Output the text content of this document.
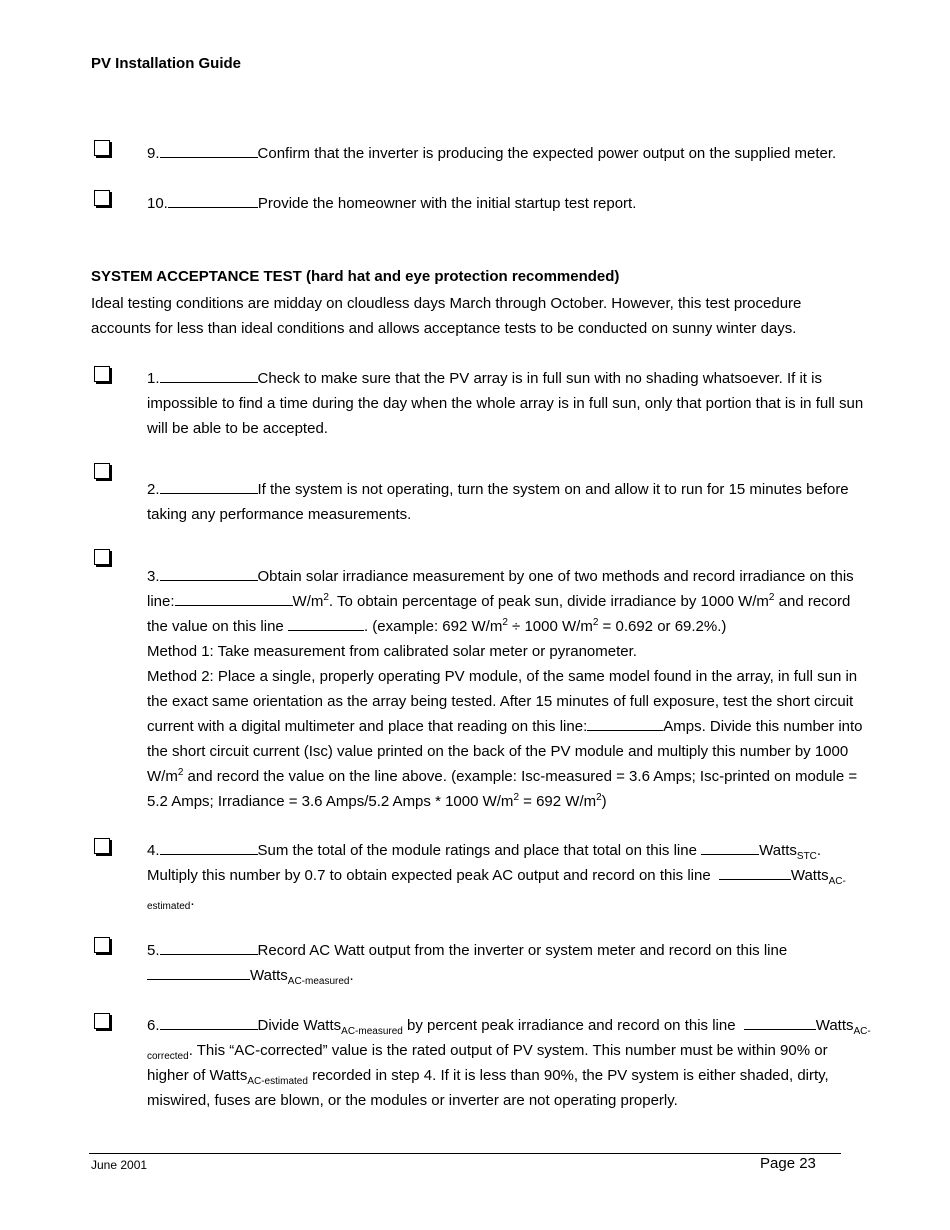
PV Installation Guide
9.	Confirm that the inverter is producing the expected power output on the supplied meter.
10.	Provide the homeowner with the initial startup test report.
SYSTEM ACCEPTANCE TEST (hard hat and eye protection recommended)
Ideal testing conditions are midday on cloudless days March through October. However, this test procedure accounts for less than ideal conditions and allows acceptance tests to be conducted on sunny winter days.
1.	Check to make sure that the PV array is in full sun with no shading whatsoever. If it is impossible to find a time during the day when the whole array is in full sun, only that portion that is in full sun will be able to be accepted.
2.	If the system is not operating, turn the system on and allow it to run for 15 minutes before taking any performance measurements.
3.	Obtain solar irradiance measurement by one of two methods and record irradiance on this line:	$W/m^2$. To obtain percentage of peak sun, divide irradiance by 1000 $W/m^2$ and record the value on this line	. (example: 692 $W/m^2 \div 1000$ $W/m^2 = 0.692$ or 69.2%.)
Method 1: Take measurement from calibrated solar meter or pyranometer.
Method 2: Place a single, properly operating PV module, of the same model found in the array, in full sun in the exact same orientation as the array being tested. After 15 minutes of full exposure, test the short circuit current with a digital multimeter and place that reading on this line:	Amps. Divide this number into the short circuit current (Isc) value printed on the back of the PV module and multiply this number by 1000 $W/m^2$ and record the value on the line above. (example: Isc-measured = 3.6 Amps; Isc-printed on module = 5.2 Amps; Irradiance = 3.6 Amps/5.2 Amps * 1000 $W/m^2 = 692$ $W/m^2$)
4.	Sum the total of the module ratings and place that total on this line	Watts$_{STC}$. Multiply this number by 0.7 to obtain expected peak AC output and record on this line	Watts$_{AC-estimated}$.
5.	Record AC Watt output from the inverter or system meter and record on this line Watts$_{AC-measured}$.
6.	Divide Watts$_{AC-measured}$ by percent peak irradiance and record on this line	Watts$_{AC-corrected}$. This “AC-corrected” value is the rated output of PV system. This number must be within 90% or higher of Watts$_{AC-estimated}$ recorded in step 4. If it is less than 90%, the PV system is either shaded, dirty, miswired, fuses are blown, or the modules or inverter are not operating properly.
June 2001	Page 23
